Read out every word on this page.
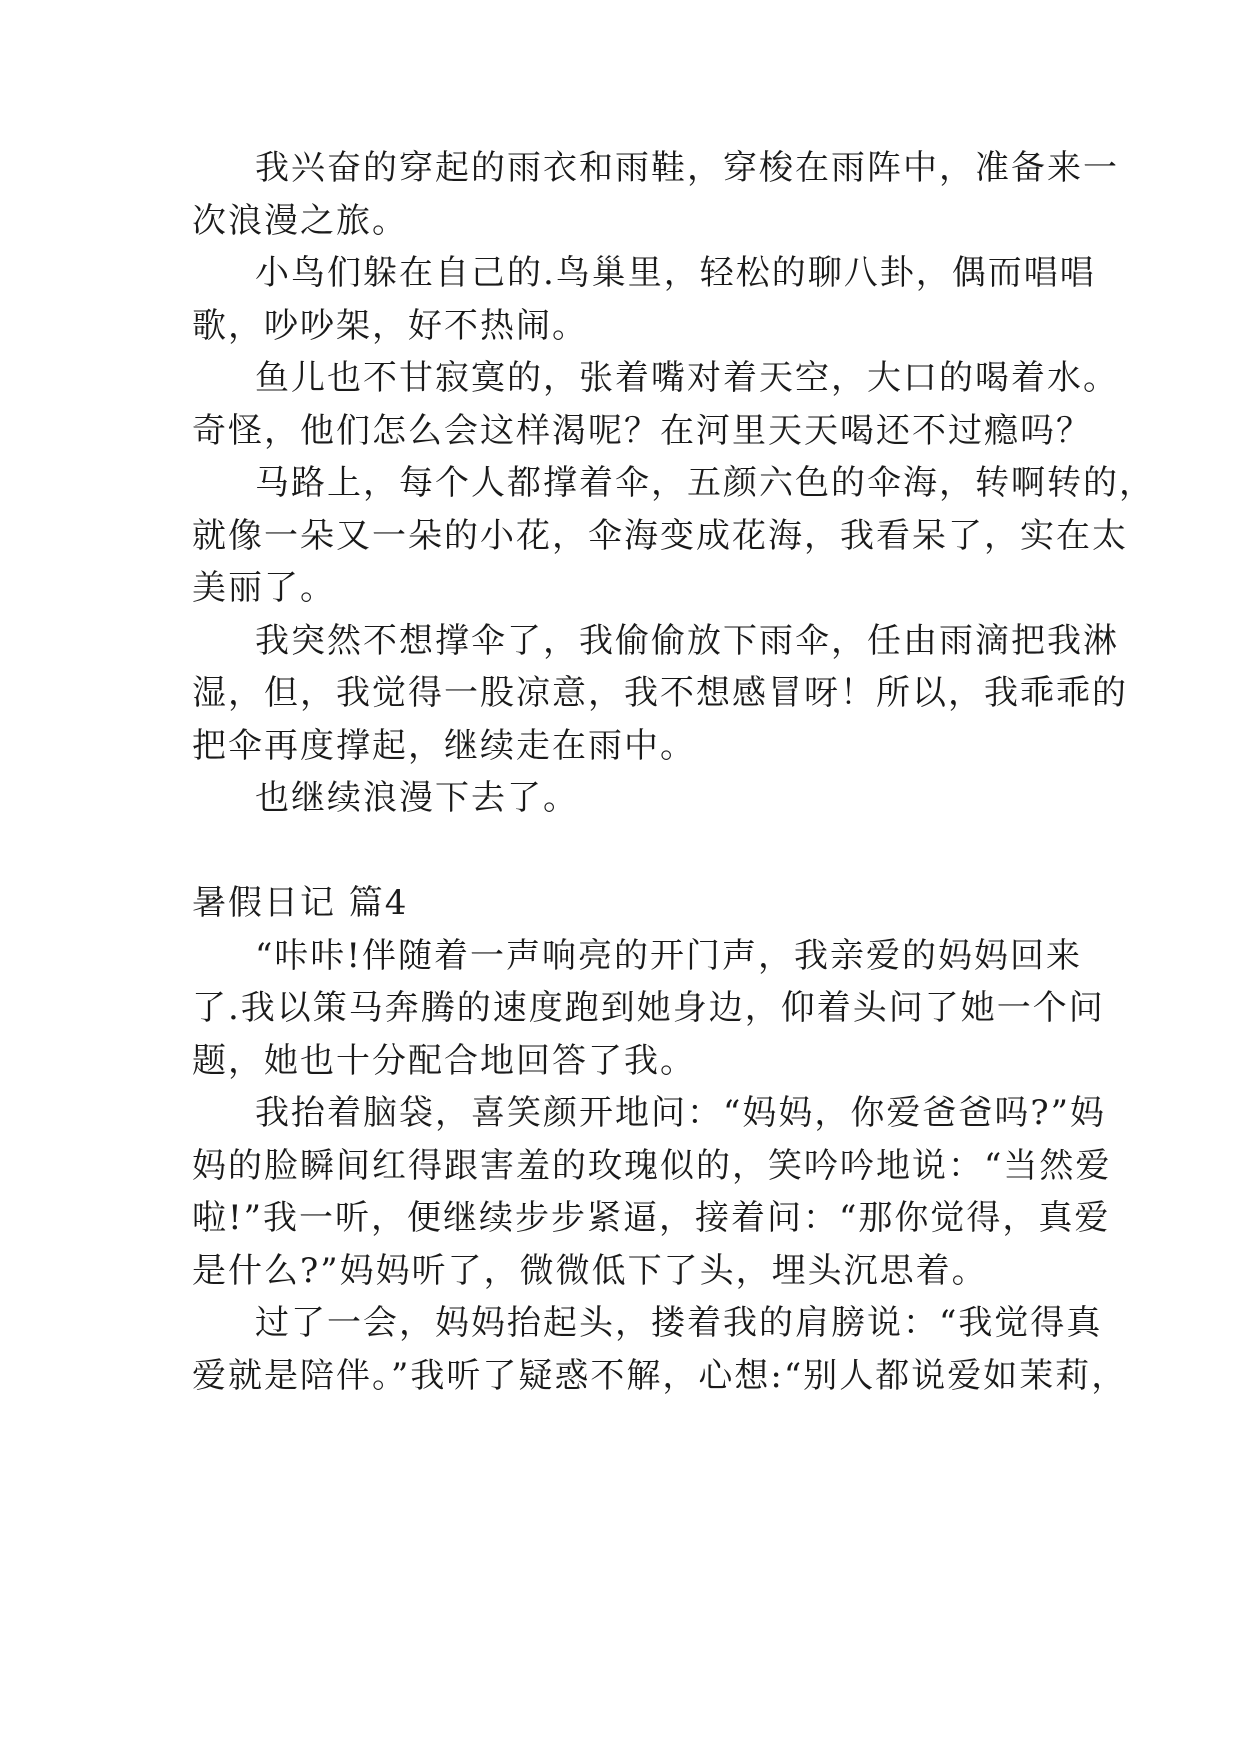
我兴奋的穿起的雨衣和雨鞋，穿梭在雨阵中，准备来一
次浪漫之旅。
小鸟们躲在自己的.鸟巢里，轻松的聊八卦，偶而唱唱
歌，吵吵架，好不热闹。
鱼儿也不甘寂寞的，张着嘴对着天空，大口的喝着水。
奇怪，他们怎么会这样渴呢？在河里天天喝还不过瘾吗？
马路上，每个人都撑着伞，五颜六色的伞海，转啊转的，
就像一朵又一朵的小花，伞海变成花海，我看呆了，实在太
美丽了。
我突然不想撑伞了，我偷偷放下雨伞，任由雨滴把我淋
湿，但，我觉得一股凉意，我不想感冒呀！所以，我乖乖的
把伞再度撑起，继续走在雨中。
也继续浪漫下去了。
暑假日记 篇4
“咔咔!伴随着一声响亮的开门声，我亲爱的妈妈回来
了.我以策马奔腾的速度跑到她身边，仰着头问了她一个问
题，她也十分配合地回答了我。
我抬着脑袋，喜笑颜开地问：“妈妈，你爱爸爸吗?”妈
妈的脸瞬间红得跟害羞的玫瑰似的，笑吟吟地说：“当然爱
啦!”我一听，便继续步步紧逼，接着问：“那你觉得，真爱
是什么?”妈妈听了，微微低下了头，埋头沉思着。
过了一会，妈妈抬起头，搂着我的肩膀说：“我觉得真
爱就是陪伴。”我听了疑惑不解，心想:“别人都说爱如茉莉，
